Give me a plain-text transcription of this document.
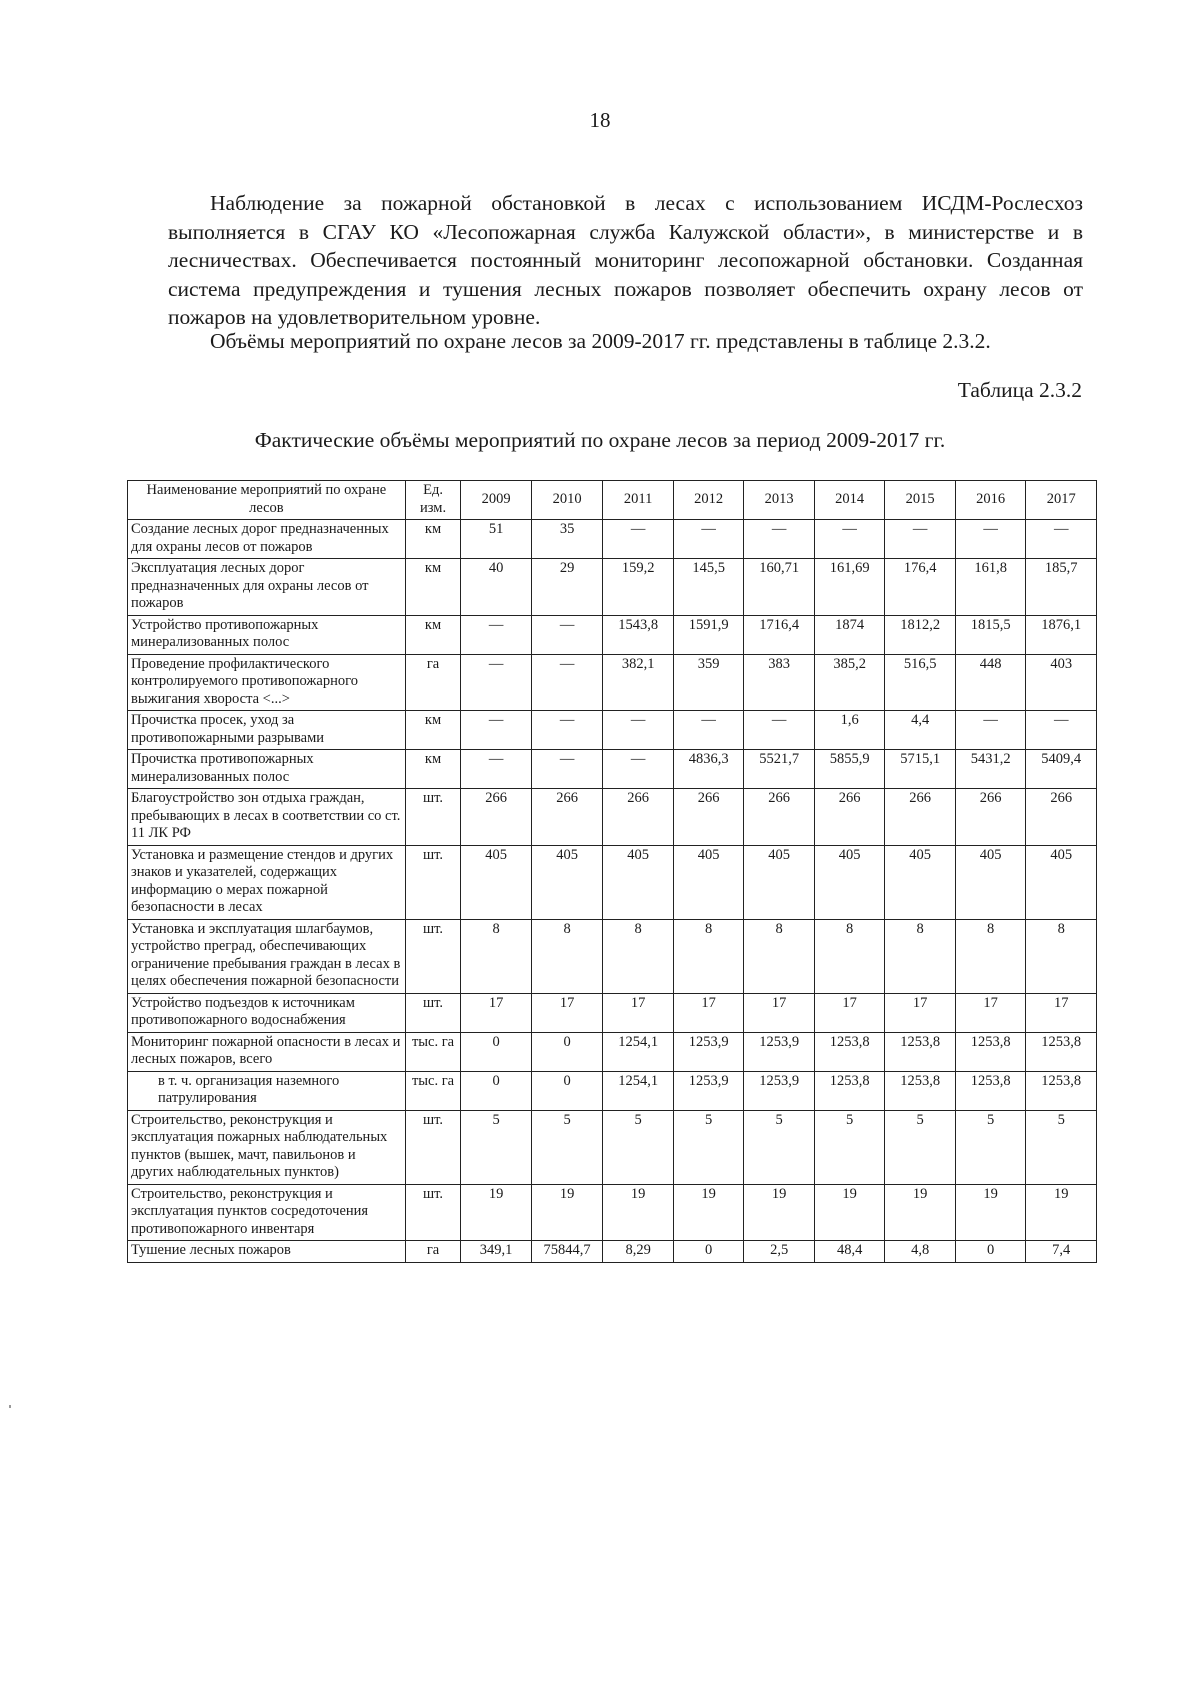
18

Наблюдение за пожарной обстановкой в лесах с использованием ИСДМ-Рослесхоз выполняется в СГАУ КО «Лесопожарная служба Калужской области», в министерстве и в лесничествах. Обеспечивается постоянный мониторинг лесопожарной обстановки. Созданная система предупреждения и тушения лесных пожаров позволяет обеспечить охрану лесов от пожаров на удовлетворительном уровне.

Объёмы мероприятий по охране лесов за 2009-2017 гг. представлены в таблице 2.3.2.

Таблица 2.3.2
Фактические объёмы мероприятий по охране лесов за период 2009-2017 гг.
Наименование мероприятий по охране лесов	Ед. изм.	2009	2010	2011	2012	2013	2014	2015	2016	2017
Создание лесных дорог предназначенных для охраны лесов от пожаров	км	51	35	—	—	—	—	—	—	—
Эксплуатация лесных дорог предназначенных для охраны лесов от пожаров	км	40	29	159,2	145,5	160,71	161,69	176,4	161,8	185,7
Устройство противопожарных минерализованных полос	км	—	—	1543,8	1591,9	1716,4	1874	1812,2	1815,5	1876,1
Проведение профилактического контролируемого противопожарного выжигания хвороста <...>	га	—	—	382,1	359	383	385,2	516,5	448	403
Прочистка просек, уход за противопожарными разрывами	км	—	—	—	—	—	1,6	4,4	—	—
Прочистка противопожарных минерализованных полос	км	—	—	—	4836,3	5521,7	5855,9	5715,1	5431,2	5409,4
Благоустройство зон отдыха граждан, пребывающих в лесах в соответствии со ст. 11 ЛК РФ	шт.	266	266	266	266	266	266	266	266	266
Установка и размещение стендов и других знаков и указателей, содержащих информацию о мерах пожарной безопасности в лесах	шт.	405	405	405	405	405	405	405	405	405
Установка и эксплуатация шлагбаумов, устройство преград, обеспечивающих ограничение пребывания граждан в лесах в целях обеспечения пожарной безопасности	шт.	8	8	8	8	8	8	8	8	8
Устройство подъездов к источникам противопожарного водоснабжения	шт.	17	17	17	17	17	17	17	17	17
Мониторинг пожарной опасности в лесах и лесных пожаров, всего	тыс. га	0	0	1254,1	1253,9	1253,9	1253,8	1253,8	1253,8	1253,8
в т. ч. организация наземного патрулирования	тыс. га	0	0	1254,1	1253,9	1253,9	1253,8	1253,8	1253,8	1253,8
Строительство, реконструкция и эксплуатация пожарных наблюдательных пунктов (вышек, мачт, павильонов и других наблюдательных пунктов)	шт.	5	5	5	5	5	5	5	5	5
Строительство, реконструкция и эксплуатация пунктов сосредоточения противопожарного инвентаря	шт.	19	19	19	19	19	19	19	19	19
Тушение лесных пожаров	га	349,1	75844,7	8,29	0	2,5	48,4	4,8	0	7,4
